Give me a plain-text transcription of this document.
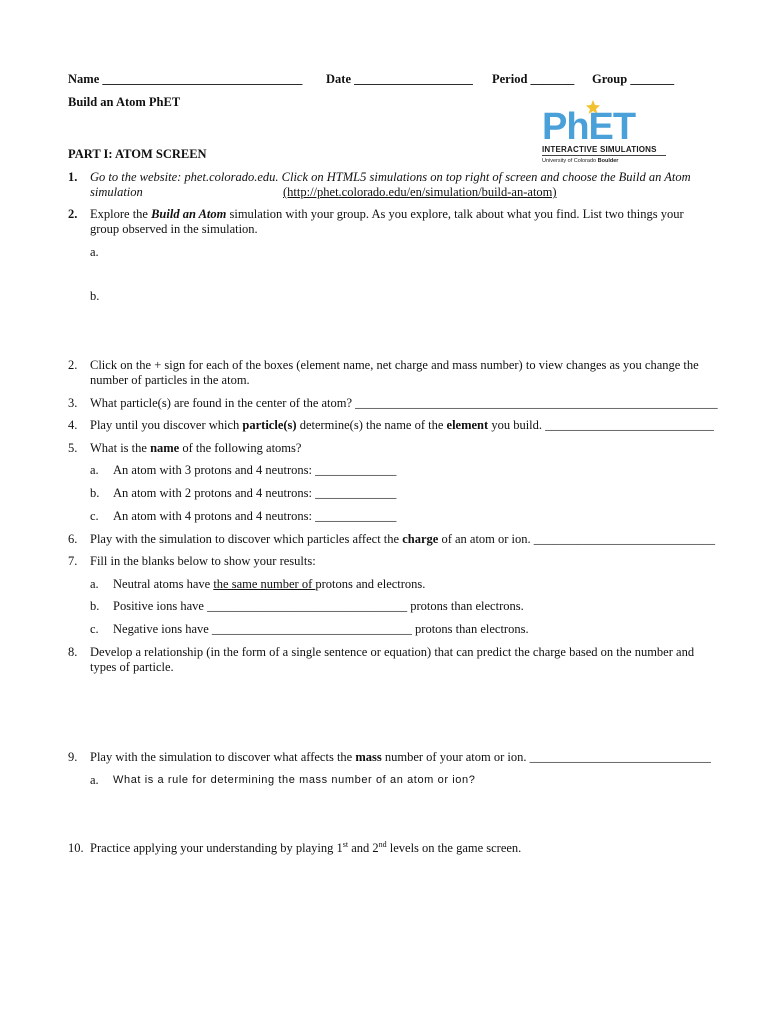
Name ________________________________ Date ___________________ Period _______ Group _______
Build an Atom PhET
PhET
INTERACTIVE SIMULATIONS
University of Colorado Boulder
PART I: ATOM SCREEN
1. Go to the website: phet.colorado.edu. Click on HTML5 simulations on top right of screen and choose the Build an Atom
simulation	(http://phet.colorado.edu/en/simulation/build-an-atom)
2. Explore the Build an Atom simulation with your group. As you explore, talk about what you find. List two things your
group observed in the simulation.
a.
b.
2. Click on the + sign for each of the boxes (element name, net charge and mass number) to view changes as you change the
number of particles in the atom.
3. What particle(s) are found in the center of the atom? __________________________________________________________
4. Play until you discover which particle(s) determine(s) the name of the element you build. ___________________________
5. What is the name of the following atoms?
a. An atom with 3 protons and 4 neutrons: _____________
b. An atom with 2 protons and 4 neutrons: _____________
c. An atom with 4 protons and 4 neutrons: _____________
6. Play with the simulation to discover which particles affect the charge of an atom or ion. _____________________________
7. Fill in the blanks below to show your results:
a. Neutral atoms have the same number of protons and electrons.
b. Positive ions have ________________________________ protons than electrons.
c. Negative ions have ________________________________ protons than electrons.
8. Develop a relationship (in the form of a single sentence or equation) that can predict the charge based on the number and
types of particle.
9. Play with the simulation to discover what affects the mass number of your atom or ion. _____________________________
a. What is a rule for determining the mass number of an atom or ion?
10. Practice applying your understanding by playing 1st and 2nd levels on the game screen.
